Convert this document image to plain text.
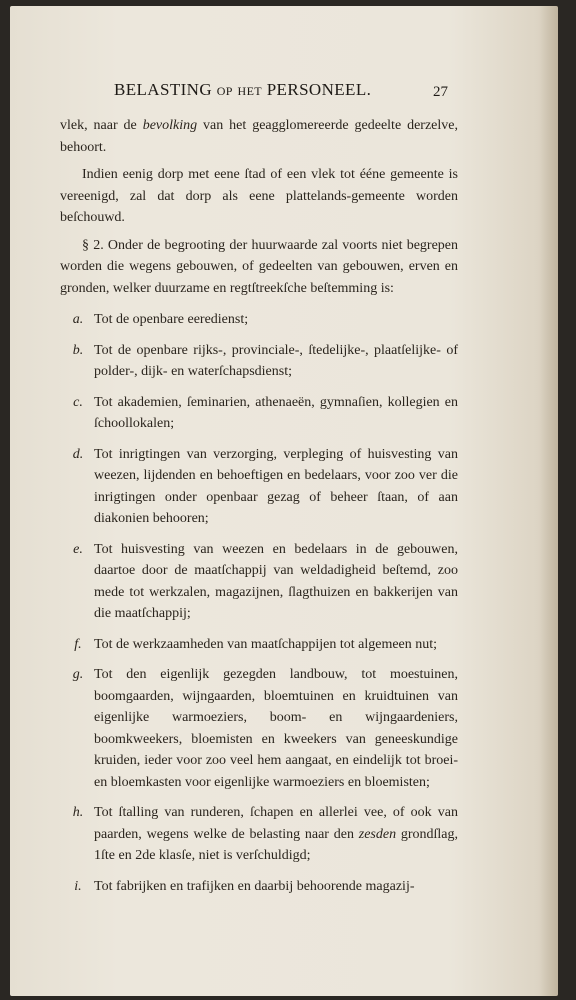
BELASTING OP HET PERSONEEL.	27

vlek, naar de bevolking van het geagglomereerde gedeelte derzelve, behoort.

Indien eenig dorp met eene ſtad of een vlek tot ééne gemeente is vereenigd, zal dat dorp als eene plattelands-gemeente worden beſchouwd.

§ 2. Onder de begrooting der huurwaarde zal voorts niet begrepen worden die wegens gebouwen, of gedeelten van gebouwen, erven en gronden, welker duurzame en regtſtreekſche beſtemming is:

a. Tot de openbare eeredienst;
b. Tot de openbare rijks-, provinciale-, ſtedelijke-, plaatſelijke- of polder-, dijk- en waterſchapsdienst;
c. Tot akademien, ſeminarien, athenaeën, gymnaſien, kollegien en ſchoollokalen;
d. Tot inrigtingen van verzorging, verpleging of huisvesting van weezen, lijdenden en behoeftigen en bedelaars, voor zoo ver die inrigtingen onder openbaar gezag of beheer ſtaan, of aan diakonien behooren;
e. Tot huisvesting van weezen en bedelaars in de gebouwen, daartoe door de maatſchappij van weldadigheid beſtemd, zoo mede tot werkzalen, magazijnen, ſlagthuizen en bakkerijen van die maatſchappij;
f. Tot de werkzaamheden van maatſchappijen tot algemeen nut;
g. Tot den eigenlijk gezegden landbouw, tot moestuinen, boomgaarden, wijngaarden, bloemtuinen en kruidtuinen van eigenlijke warmoeziers, boom- en wijngaardeniers, boomkweekers, bloemisten en kweekers van geneeskundige kruiden, ieder voor zoo veel hem aangaat, en eindelijk tot broei- en bloemkasten voor eigenlijke warmoeziers en bloemisten;
h. Tot ſtalling van runderen, ſchapen en allerlei vee, of ook van paarden, wegens welke de belasting naar den zesden grondſlag, 1ſte en 2de klasſe, niet is verſchuldigd;
i. Tot fabrijken en trafijken en daarbij behoorende magazij-
